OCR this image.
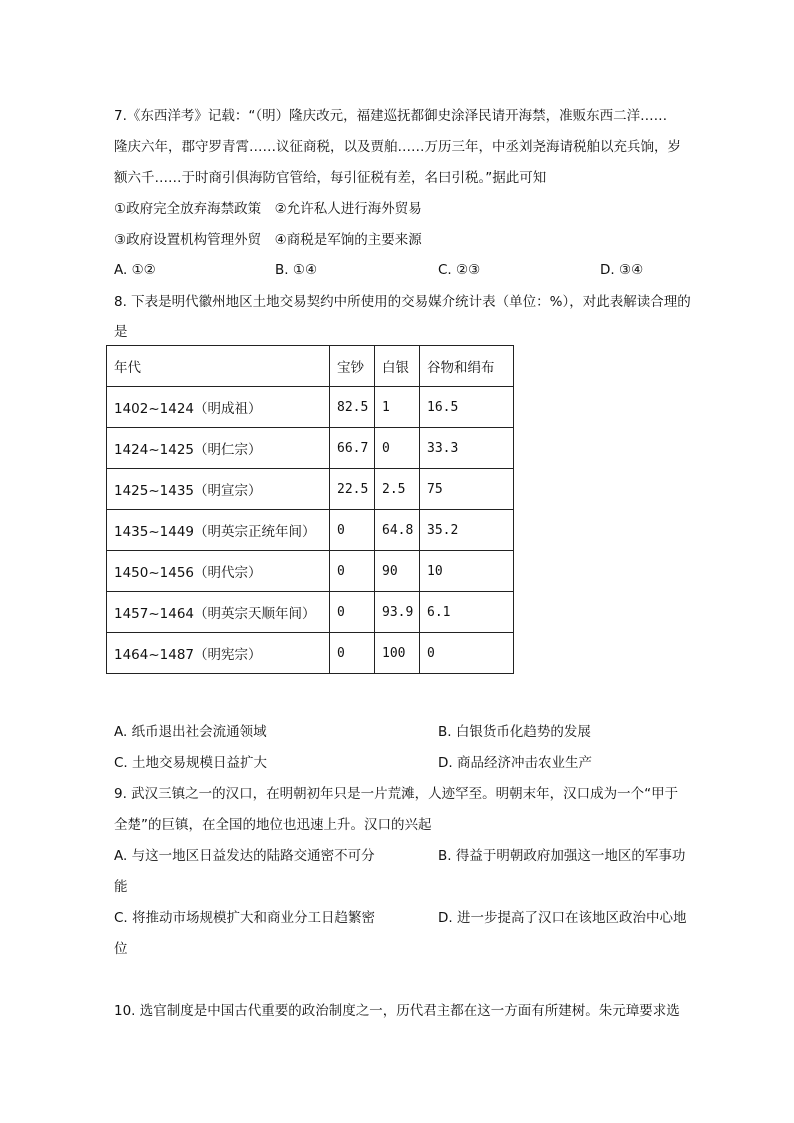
7.《东西洋考》记载：“（明）隆庆改元，福建巡抚都御史涂泽民请开海禁，准贩东西二洋……
隆庆六年，郡守罗青霄……议征商税，以及贾舶……万历三年，中丞刘尧海请税舶以充兵饷，岁
额六千……于时商引俱海防官管给，每引征税有差，名曰引税。”据此可知
①政府完全放弃海禁政策　②允许私人进行海外贸易
③政府设置机构管理外贸　④商税是军饷的主要来源
A. ①②	B. ①④	C. ②③	D. ③④
8. 下表是明代徽州地区土地交易契约中所使用的交易媒介统计表（单位：%），对此表解读合理的
是
年代	宝钞	白银	谷物和绢布
1402~1424（明成祖）	82.5	1	16.5
1424~1425（明仁宗）	66.7	0	33.3
1425~1435（明宣宗）	22.5	2.5	75
1435~1449（明英宗正统年间）	0	64.8	35.2
1450~1456（明代宗）	0	90	10
1457~1464（明英宗天顺年间）	0	93.9	6.1
1464~1487（明宪宗）	0	100	0
A. 纸币退出社会流通领域	B. 白银货币化趋势的发展
C. 土地交易规模日益扩大	D. 商品经济冲击农业生产
9. 武汉三镇之一的汉口，在明朝初年只是一片荒滩，人迹罕至。明朝末年，汉口成为一个“甲于
全楚”的巨镇，在全国的地位也迅速上升。汉口的兴起
A. 与这一地区日益发达的陆路交通密不可分	B. 得益于明朝政府加强这一地区的军事功
能
C. 将推动市场规模扩大和商业分工日趋繁密	D. 进一步提高了汉口在该地区政治中心地
位
10. 选官制度是中国古代重要的政治制度之一，历代君主都在这一方面有所建树。朱元璋要求选
